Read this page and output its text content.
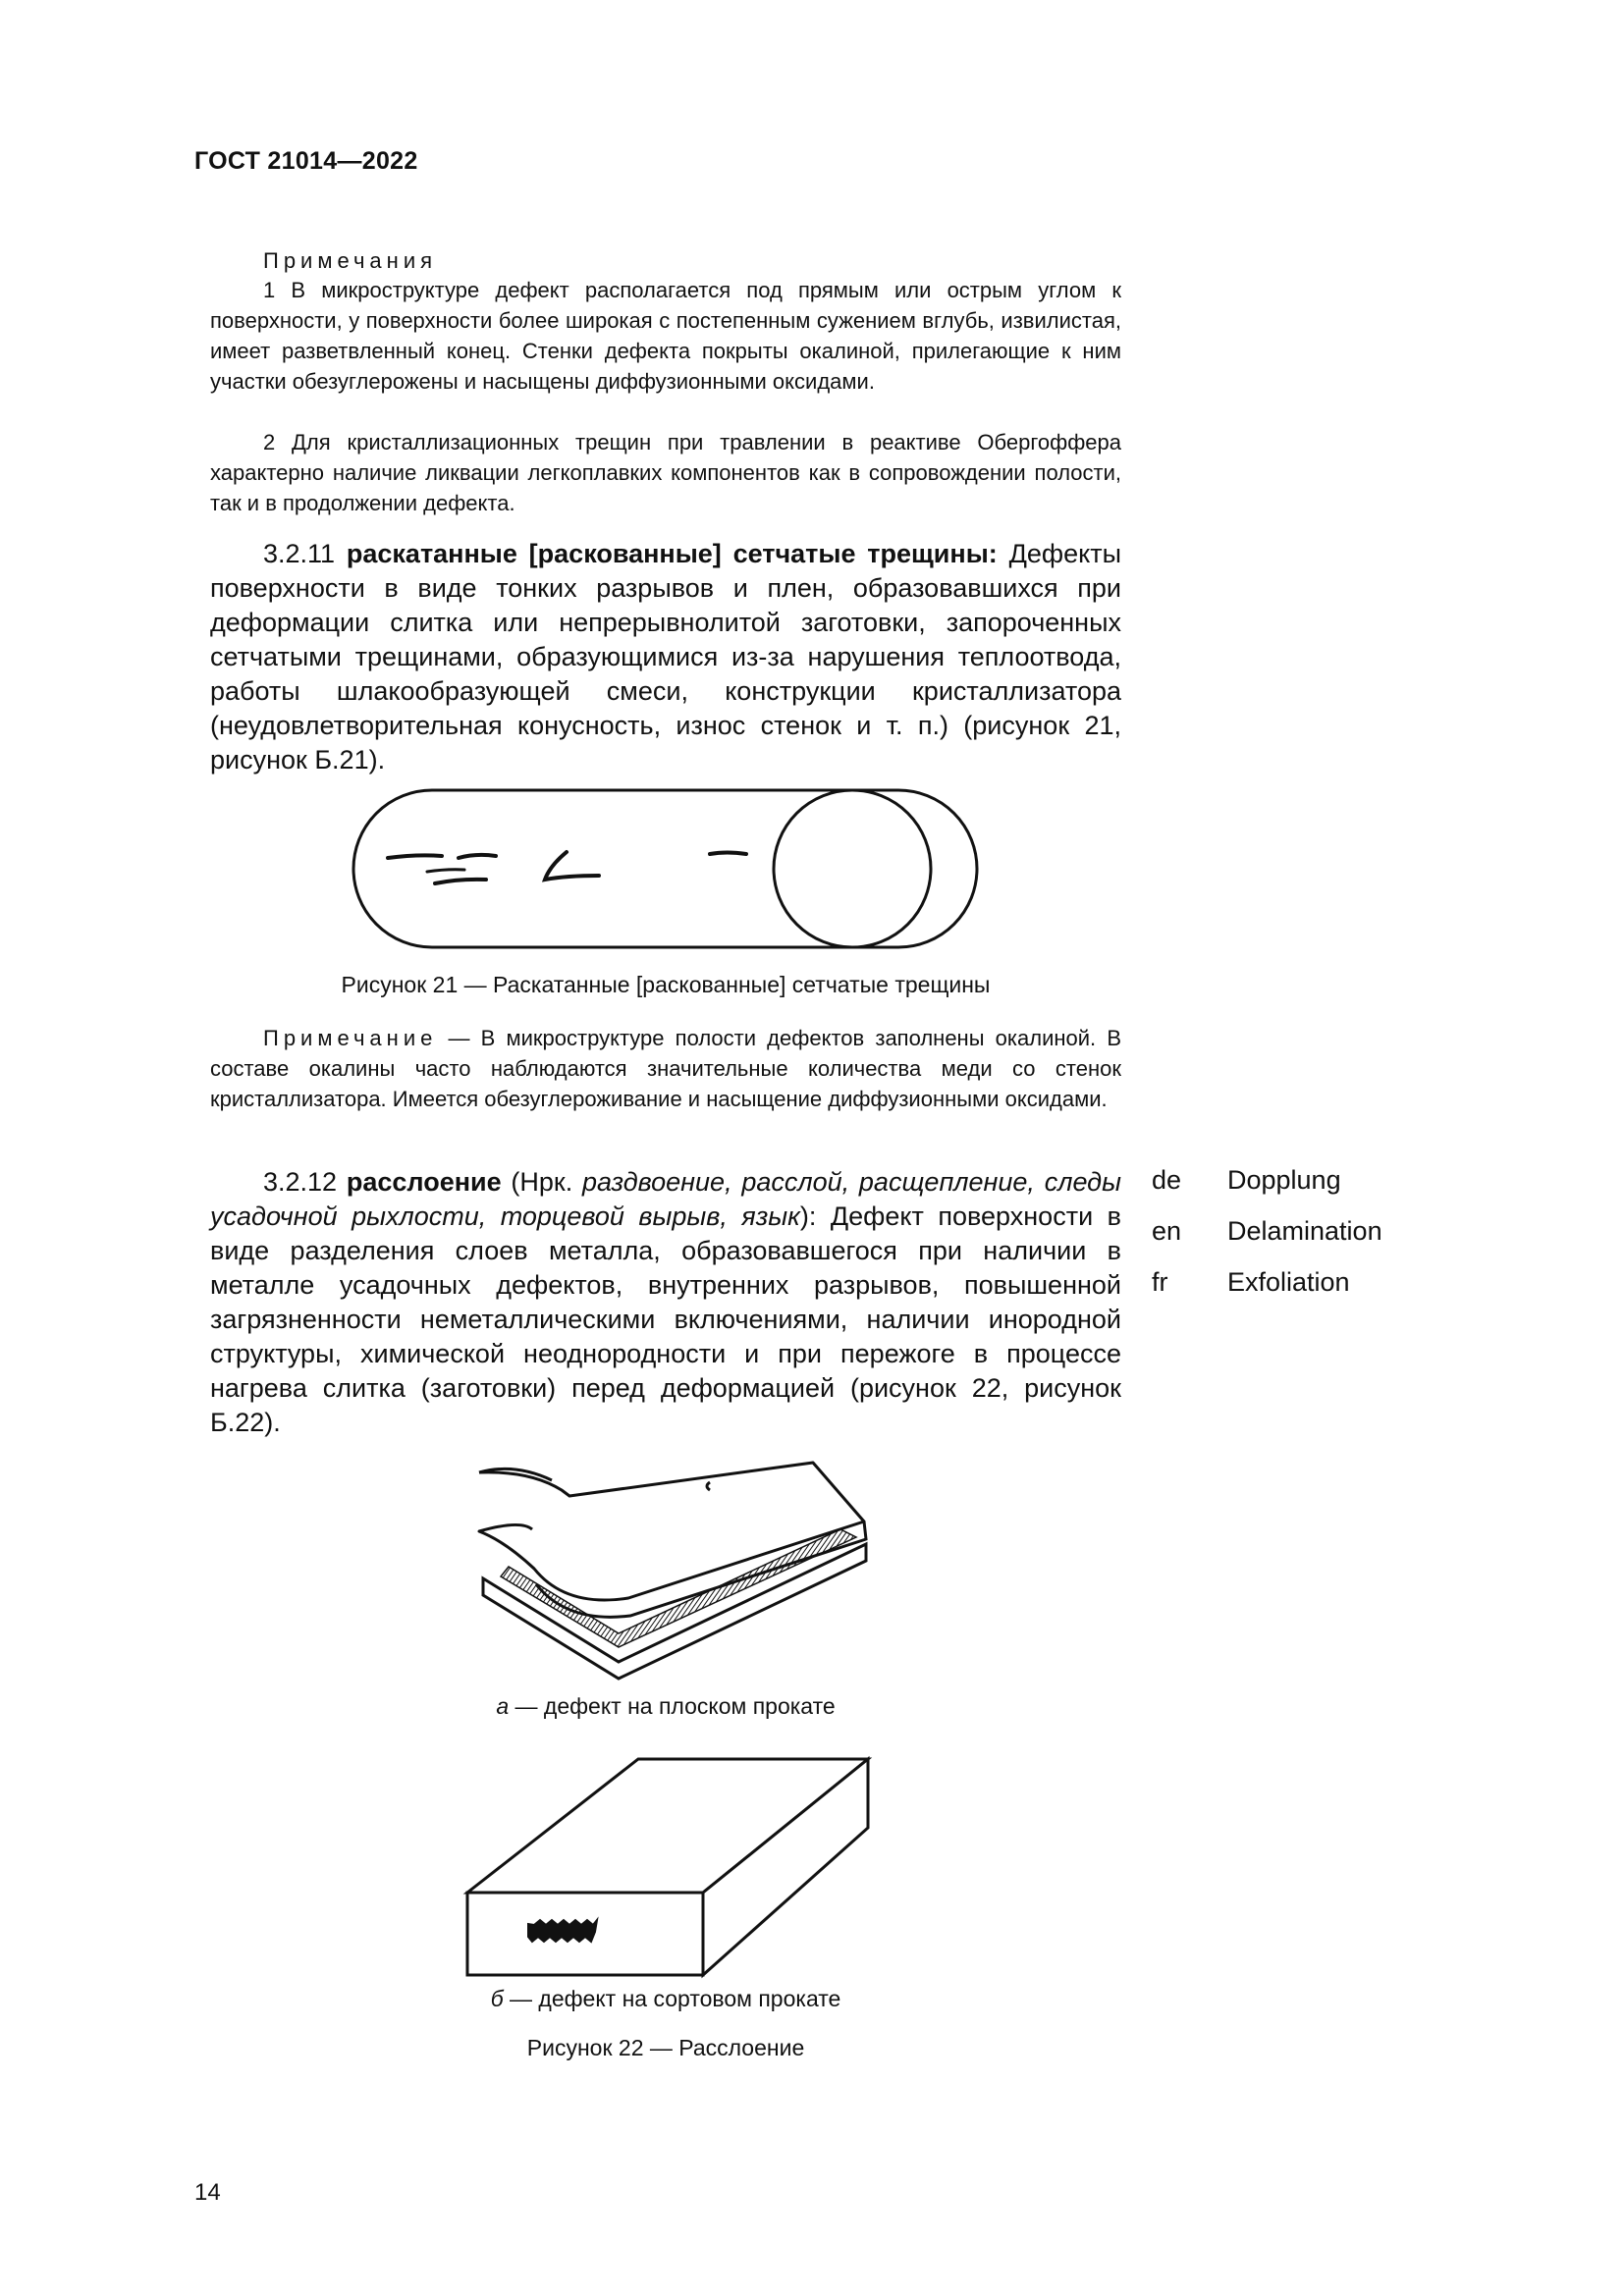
ГОСТ 21014—2022
Примечания
1 В микроструктуре дефект располагается под прямым или острым углом к поверхности, у поверхности более широкая с постепенным сужением вглубь, извилистая, имеет разветвленный конец. Стенки дефекта покрыты окалиной, прилегающие к ним участки обезуглерожены и насыщены диффузионными оксидами.
2 Для кристаллизационных трещин при травлении в реактиве Обергоффера характерно наличие ликвации легкоплавких компонентов как в сопровождении полости, так и в продолжении дефекта.
3.2.11 раскатанные [раскованные] сетчатые трещины: Дефекты поверхности в виде тонких разрывов и плен, образовавшихся при деформации слитка или непрерывнолитой заготовки, запороченных сетчатыми трещинами, образующимися из-за нарушения теплоотвода, работы шлакообразующей смеси, конструкции кристаллизатора (неудовлетворительная конусность, износ стенок и т. п.) (рисунок 21, рисунок Б.21).
Рисунок 21 — Раскатанные [раскованные] сетчатые трещины
Примечание — В микроструктуре полости дефектов заполнены окалиной. В составе окалины часто наблюдаются значительные количества меди со стенок кристаллизатора. Имеется обезуглероживание и насыщение диффузионными оксидами.
3.2.12 расслоение (Нрк. раздвоение, расслой, расщепление, следы усадочной рыхлости, торцевой вырыв, язык): Дефект поверхности в виде разделения слоев металла, образовавшегося при наличии в металле усадочных дефектов, внутренних разрывов, повышенной загрязненности неметаллическими включениями, наличии инородной структуры, химической неоднородности и при пережоге в процессе нагрева слитка (заготовки) перед деформацией (рисунок 22, рисунок Б.22).
de Dopplung
en Delamination
fr Exfoliation
а — дефект на плоском прокате
б — дефект на сортовом прокате
Рисунок 22 — Расслоение
14
